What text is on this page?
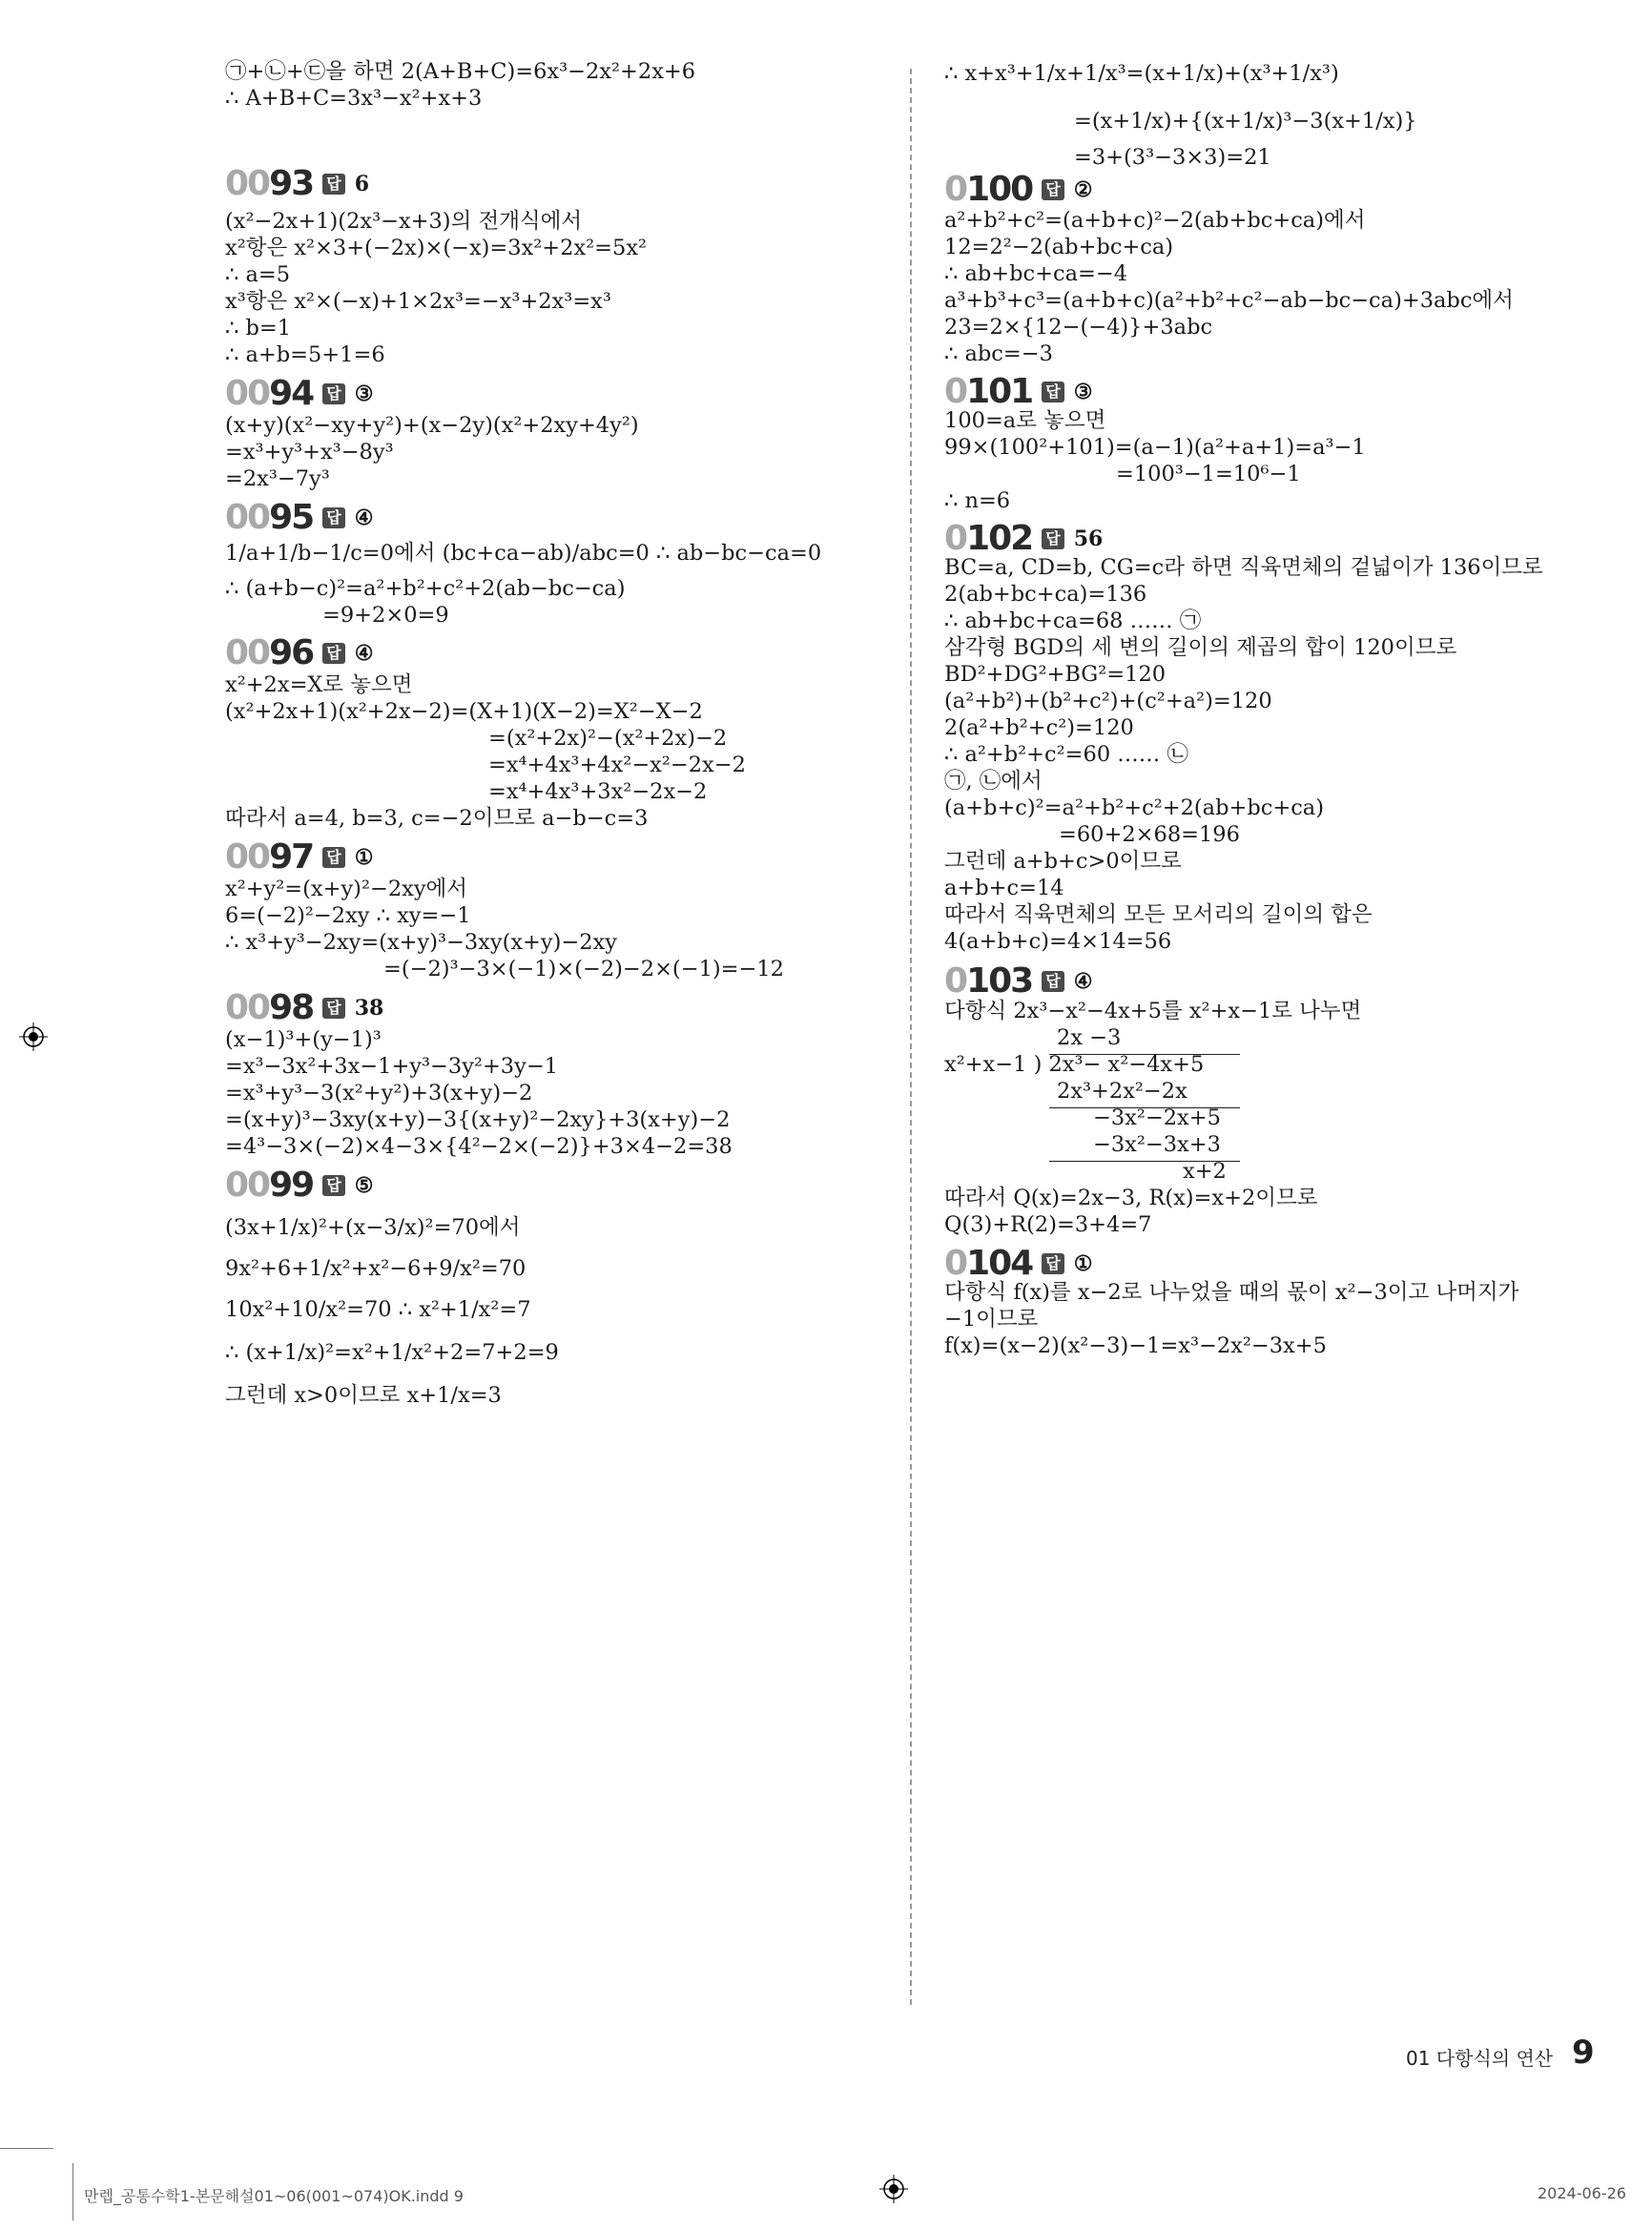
㉠+㉡+㉢을 하면 2(A+B+C)=6x³−2x²+2x+6
∴ A+B+C=3x³−x²+x+3
0093 답 6
(x²−2x+1)(2x³−x+3)의 전개식에서
x²항은 x²×3+(−2x)×(−x)=3x²+2x²=5x²
∴ a=5
x³항은 x²×(−x)+1×2x³=−x³+2x³=x³
∴ b=1
∴ a+b=5+1=6
0094 답 ③
(x+y)(x²−xy+y²)+(x−2y)(x²+2xy+4y²)
=x³+y³+x³−8y³
=2x³−7y³
0095 답 ④
1/a+1/b−1/c=0에서 (bc+ca−ab)/abc=0 ∴ ab−bc−ca=0
∴ (a+b−c)²=a²+b²+c²+2(ab−bc−ca)
=9+2×0=9
0096 답 ④
x²+2x=X로 놓으면
(x²+2x+1)(x²+2x−2)=(X+1)(X−2)=X²−X−2
=(x²+2x)²−(x²+2x)−2
=x⁴+4x³+4x²−x²−2x−2
=x⁴+4x³+3x²−2x−2
따라서 a=4, b=3, c=−2이므로 a−b−c=3
0097 답 ①
x²+y²=(x+y)²−2xy에서
6=(−2)²−2xy ∴ xy=−1
∴ x³+y³−2xy=(x+y)³−3xy(x+y)−2xy
=(−2)³−3×(−1)×(−2)−2×(−1)=−12
0098 답 38
(x−1)³+(y−1)³
=x³−3x²+3x−1+y³−3y²+3y−1
=x³+y³−3(x²+y²)+3(x+y)−2
=(x+y)³−3xy(x+y)−3{(x+y)²−2xy}+3(x+y)−2
=4³−3×(−2)×4−3×{4²−2×(−2)}+3×4−2=38
0099 답 ⑤
(3x+1/x)²+(x−3/x)²=70에서
9x²+6+1/x²+x²−6+9/x²=70
10x²+10/x²=70 ∴ x²+1/x²=7
∴ (x+1/x)²=x²+1/x²+2=7+2=9
그런데 x>0이므로 x+1/x=3
∴ x+x³+1/x+1/x³=(x+1/x)+(x³+1/x³)
=(x+1/x)+{(x+1/x)³−3(x+1/x)}
=3+(3³−3×3)=21
0100 답 ②
a²+b²+c²=(a+b+c)²−2(ab+bc+ca)에서
12=2²−2(ab+bc+ca)
∴ ab+bc+ca=−4
a³+b³+c³=(a+b+c)(a²+b²+c²−ab−bc−ca)+3abc에서
23=2×{12−(−4)}+3abc
∴ abc=−3
0101 답 ③
100=a로 놓으면
99×(100²+101)=(a−1)(a²+a+1)=a³−1
=100³−1=10⁶−1
∴ n=6
0102 답 56
BC=a, CD=b, CG=c라 하면 직육면체의 겉넓이가 136이므로
2(ab+bc+ca)=136
∴ ab+bc+ca=68 …… ㉠
삼각형 BGD의 세 변의 길이의 제곱의 합이 120이므로
BD²+DG²+BG²=120
(a²+b²)+(b²+c²)+(c²+a²)=120
2(a²+b²+c²)=120
∴ a²+b²+c²=60 …… ㉡
㉠, ㉡에서
(a+b+c)²=a²+b²+c²+2(ab+bc+ca)
=60+2×68=196
그런데 a+b+c>0이므로
a+b+c=14
따라서 직육면체의 모든 모서리의 길이의 합은
4(a+b+c)=4×14=56
0103 답 ④
다항식 2x³−x²−4x+5를 x²+x−1로 나누면
2x −3
x²+x−1 ) 2x³− x²−4x+5
2x³+2x²−2x
−3x²−2x+5
−3x²−3x+3
x+2
따라서 Q(x)=2x−3, R(x)=x+2이므로
Q(3)+R(2)=3+4=7
0104 답 ①
다항식 f(x)를 x−2로 나누었을 때의 몫이 x²−3이고 나머지가
−1이므로
f(x)=(x−2)(x²−3)−1=x³−2x²−3x+5
01 다항식의 연산 9
만렙_공통수학1-본문해설01~06(001~074)OK.indd 9	2024-06-26
